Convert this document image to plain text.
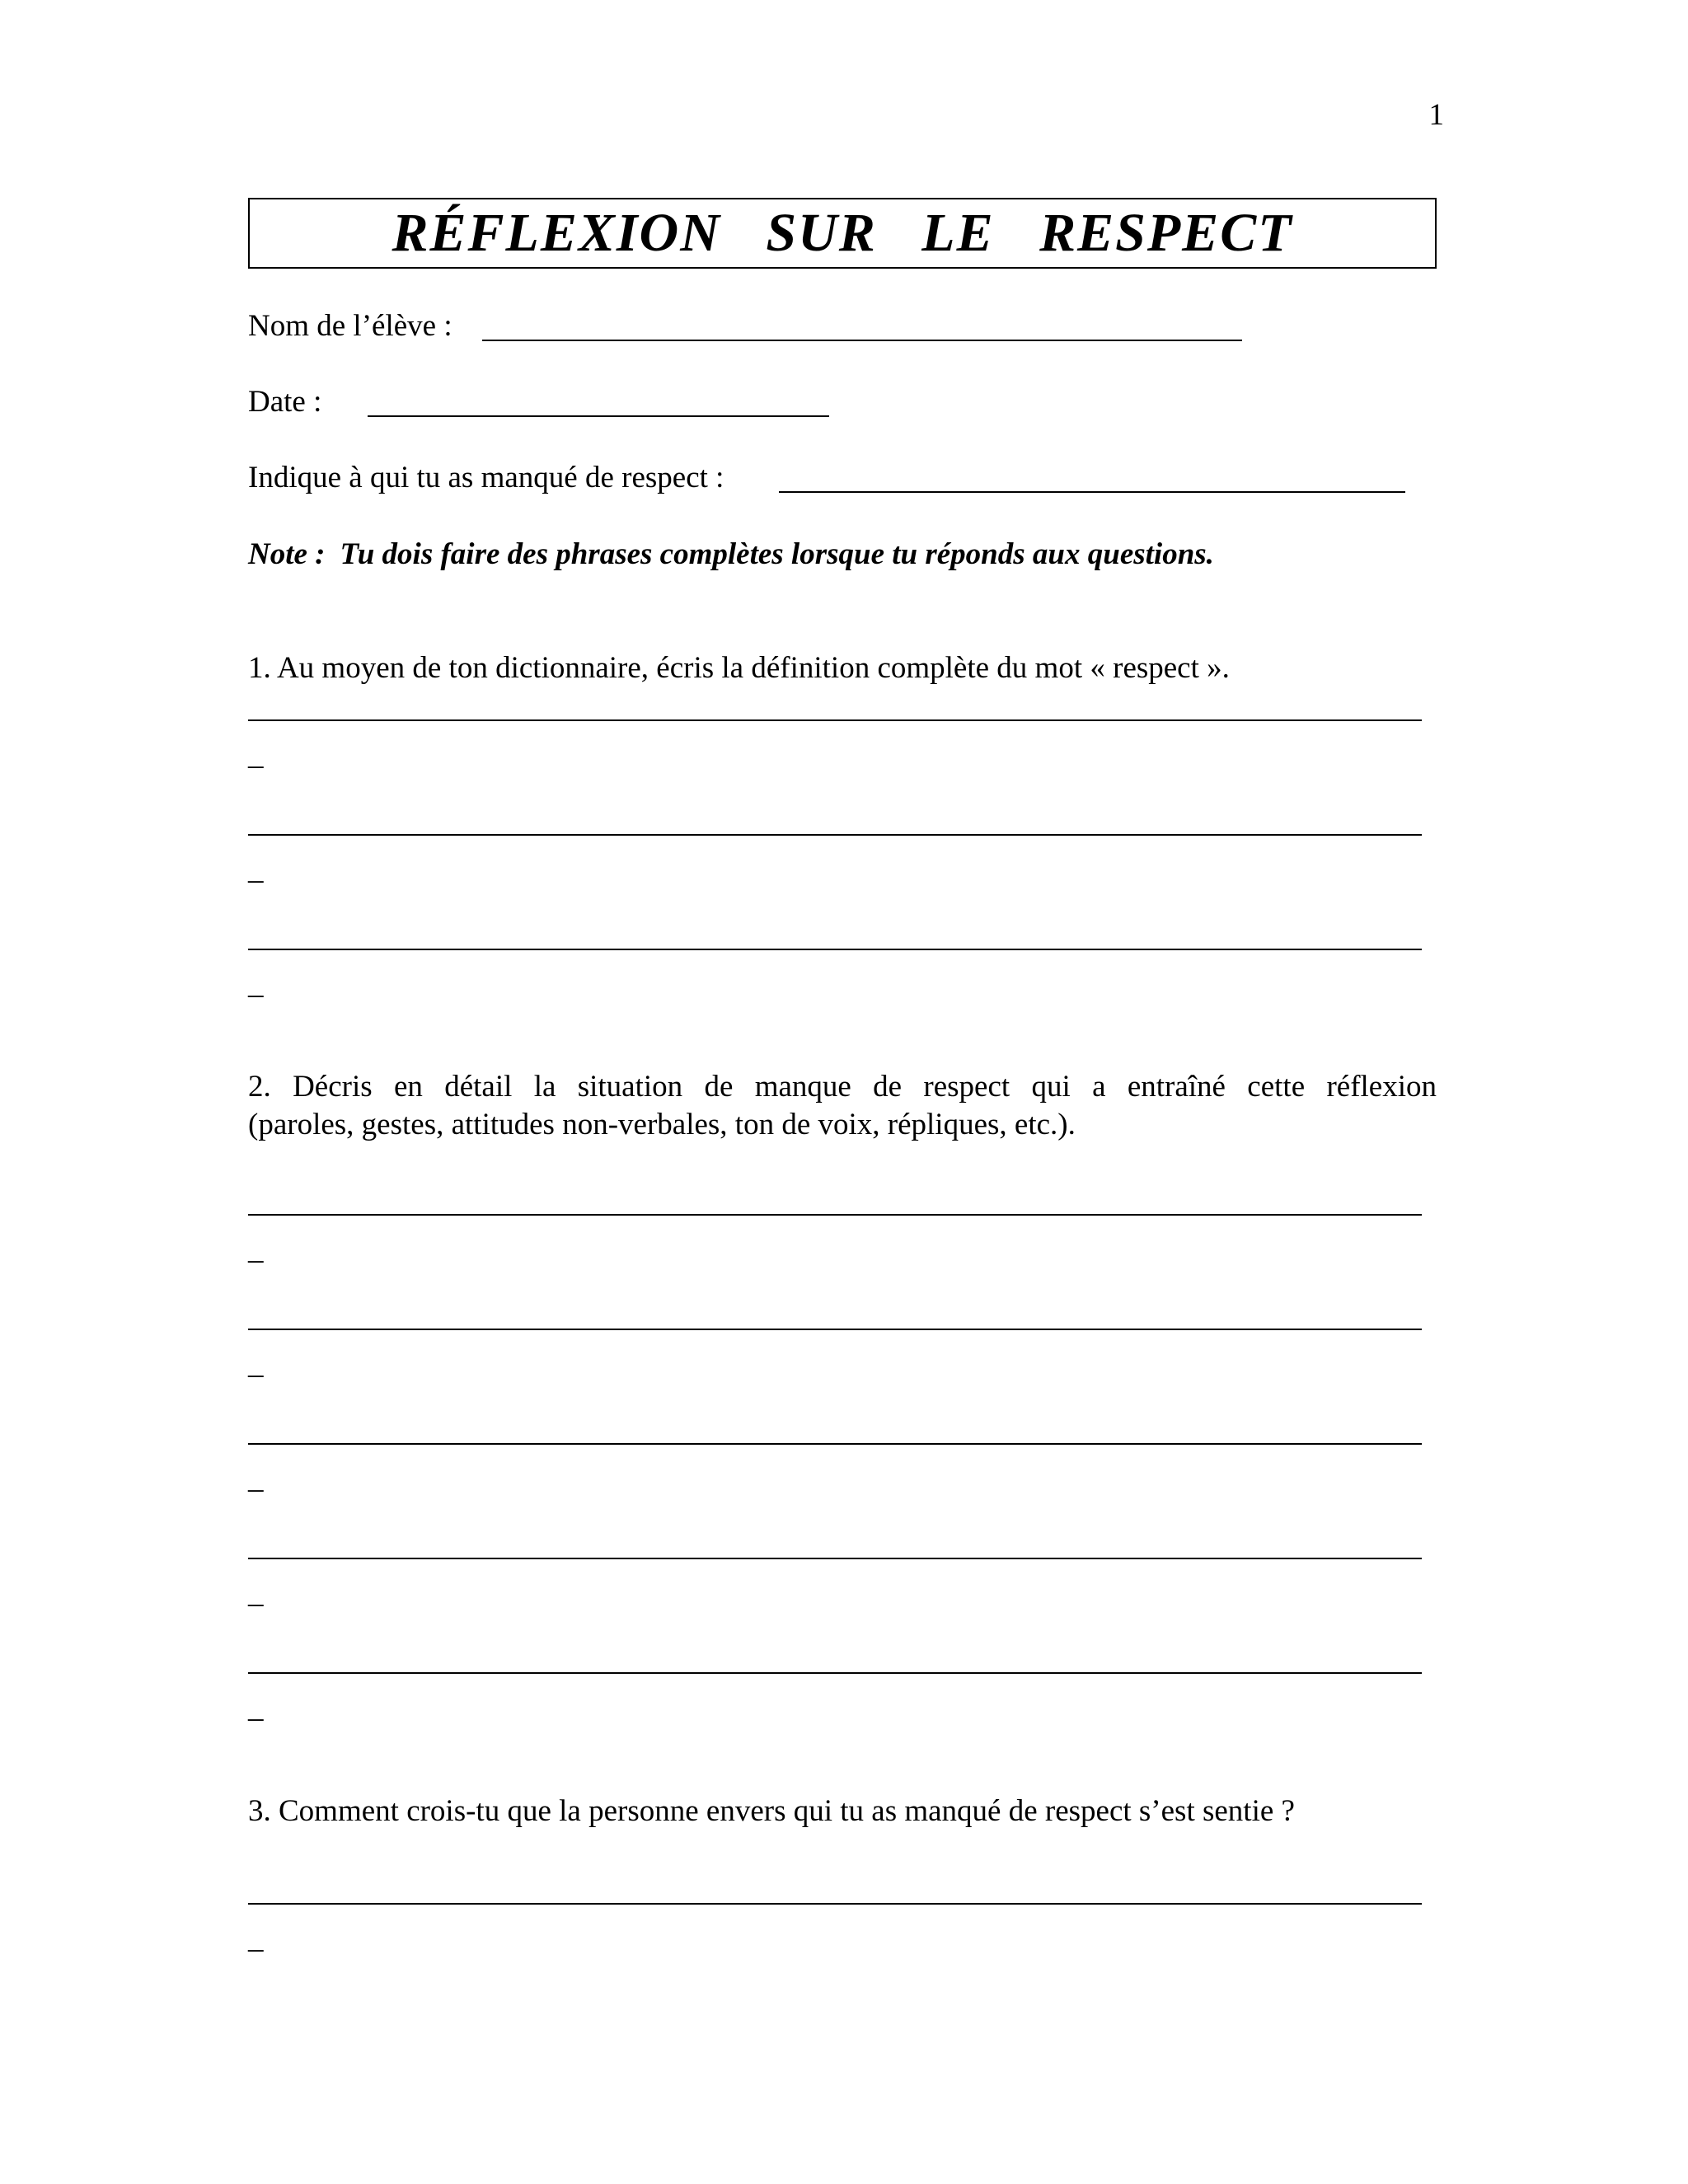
1
RÉFLEXION SUR LE RESPECT
Nom de l’élève :
Date :
Indique à qui tu as manqué de respect :
Note : Tu dois faire des phrases complètes lorsque tu réponds aux questions.
1. Au moyen de ton dictionnaire, écris la définition complète du mot « respect ».
_
_
_

2. Décris en détail la situation de manque de respect qui a entraîné cette réflexion

(paroles, gestes, attitudes non-verbales, ton de voix, répliques, etc.).

_
_
_
_
_
3. Comment crois-tu que la personne envers qui tu as manqué de respect s’est sentie ?
_
